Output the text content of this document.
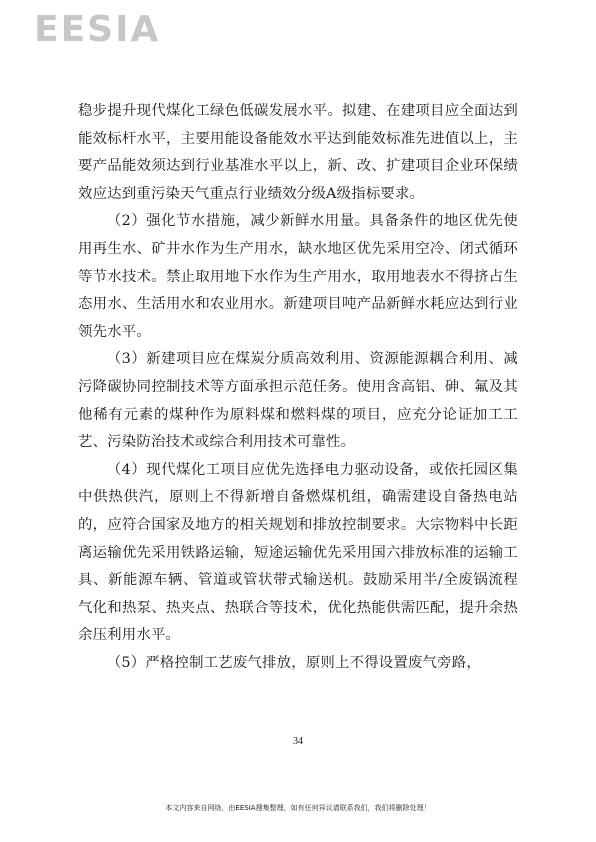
EESIA

稳步提升现代煤化工绿色低碳发展水平。拟建、在建项目应全面达到能效标杆水平，主要用能设备能效水平达到能效标准先进值以上，主要产品能效须达到行业基准水平以上，新、改、扩建项目企业环保绩效应达到重污染天气重点行业绩效分级A级指标要求。

（2）强化节水措施，减少新鲜水用量。具备条件的地区优先使用再生水、矿井水作为生产用水，缺水地区优先采用空冷、闭式循环等节水技术。禁止取用地下水作为生产用水，取用地表水不得挤占生态用水、生活用水和农业用水。新建项目吨产品新鲜水耗应达到行业领先水平。

（3）新建项目应在煤炭分质高效利用、资源能源耦合利用、减污降碳协同控制技术等方面承担示范任务。使用含高铝、砷、氟及其他稀有元素的煤种作为原料煤和燃料煤的项目，应充分论证加工工艺、污染防治技术或综合利用技术可靠性。

（4）现代煤化工项目应优先选择电力驱动设备，或依托园区集中供热供汽，原则上不得新增自备燃煤机组，确需建设自备热电站的，应符合国家及地方的相关规划和排放控制要求。大宗物料中长距离运输优先采用铁路运输，短途运输优先采用国六排放标准的运输工具、新能源车辆、管道或管状带式输送机。鼓励采用半/全废锅流程气化和热泵、热夹点、热联合等技术，优化热能供需匹配，提升余热余压利用水平。

（5）严格控制工艺废气排放，原则上不得设置废气旁路，

34
本文内容来自网络，由EESIA搜集整理，如有任何异议请联系我们，我们将删除处理！
